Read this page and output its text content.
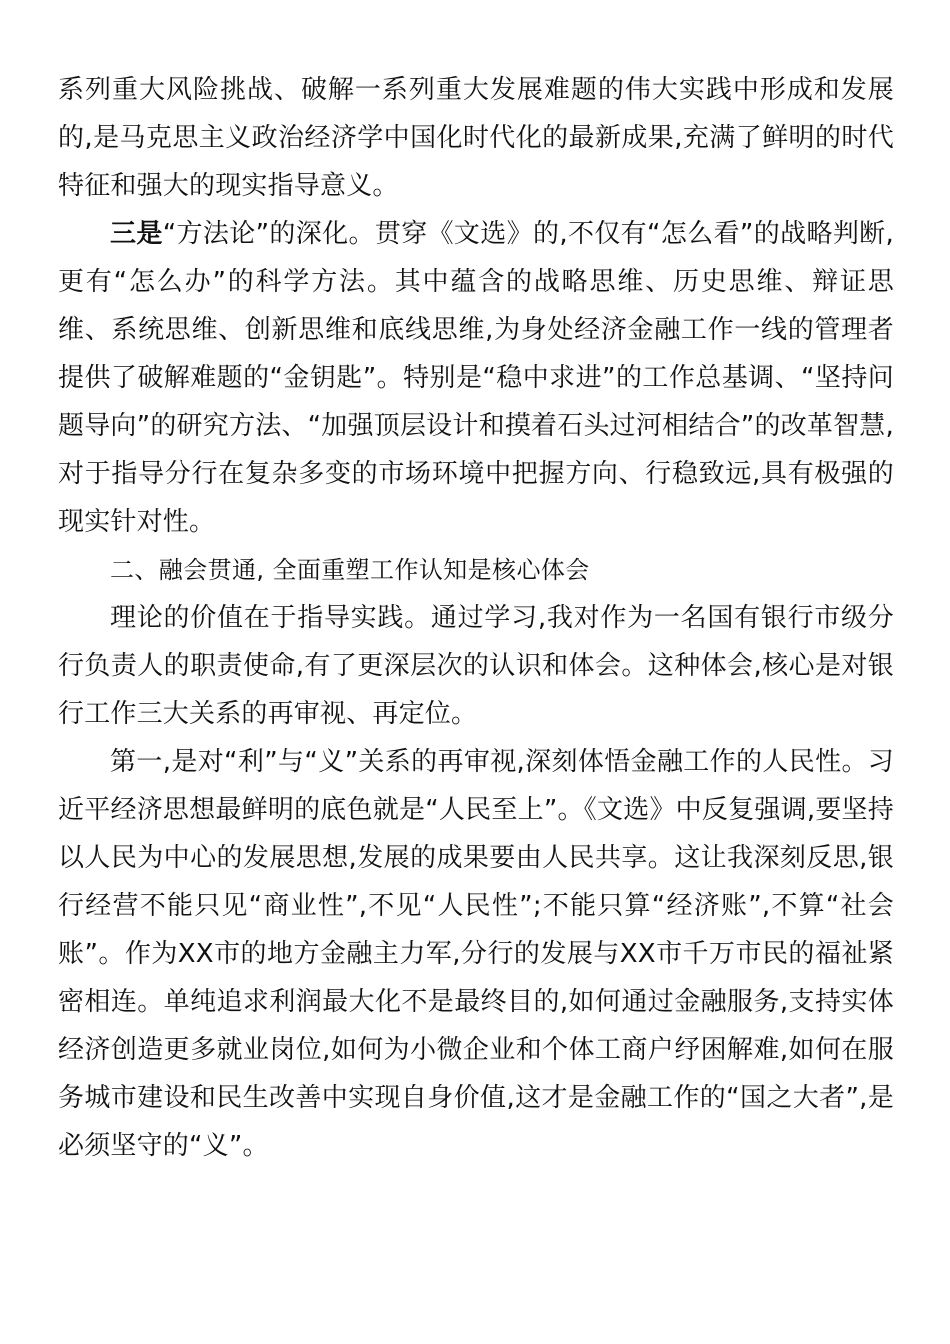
系列重大风险挑战、破解一系列重大发展难题的伟大实践中形成和发展的,是马克思主义政治经济学中国化时代化的最新成果,充满了鲜明的时代特征和强大的现实指导意义。

三是“方法论”的深化。贯穿《文选》的,不仅有“怎么看”的战略判断,更有“怎么办”的科学方法。其中蕴含的战略思维、历史思维、辩证思维、系统思维、创新思维和底线思维,为身处经济金融工作一线的管理者提供了破解难题的“金钥匙”。特别是“稳中求进”的工作总基调、“坚持问题导向”的研究方法、“加强顶层设计和摸着石头过河相结合”的改革智慧,对于指导分行在复杂多变的市场环境中把握方向、行稳致远,具有极强的现实针对性。

二、融会贯通, 全面重塑工作认知是核心体会

理论的价值在于指导实践。通过学习,我对作为一名国有银行市级分行负责人的职责使命,有了更深层次的认识和体会。这种体会,核心是对银行工作三大关系的再审视、再定位。

第一,是对“利”与“义”关系的再审视,深刻体悟金融工作的人民性。习近平经济思想最鲜明的底色就是“人民至上”。《文选》中反复强调,要坚持以人民为中心的发展思想,发展的成果要由人民共享。这让我深刻反思,银行经营不能只见“商业性”,不见“人民性”;不能只算“经济账”,不算“社会账”。作为XX市的地方金融主力军,分行的发展与XX市千万市民的福祉紧密相连。单纯追求利润最大化不是最终目的,如何通过金融服务,支持实体经济创造更多就业岗位,如何为小微企业和个体工商户纾困解难,如何在服务城市建设和民生改善中实现自身价值,这才是金融工作的“国之大者”,是必须坚守的“义”。
